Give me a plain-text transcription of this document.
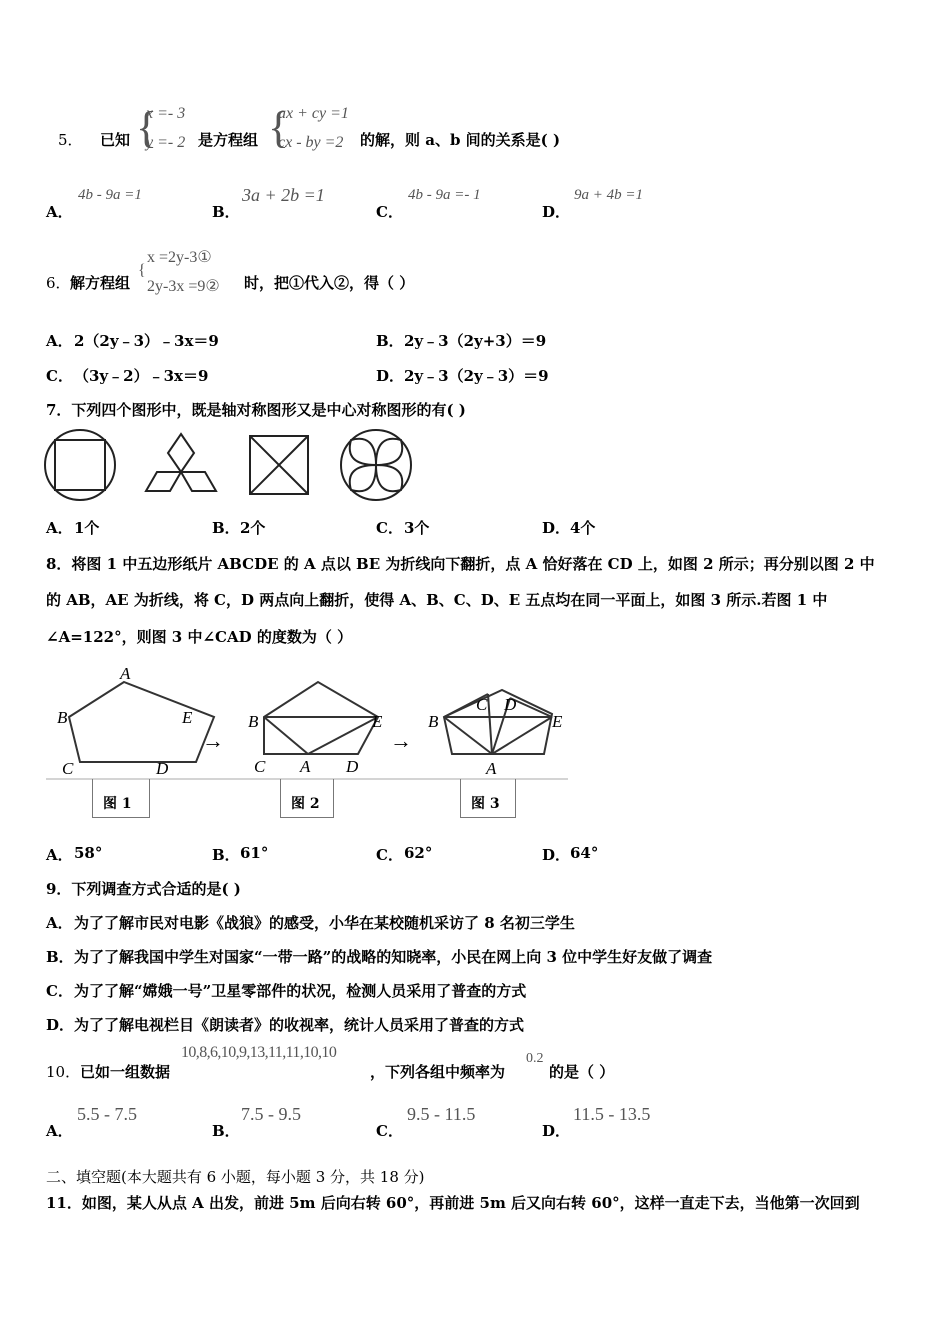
5． 已知 {
x =- 3
y =- 2 是方程组 {
ax + cy =1
cx - by =2 的解，则 a、b 间的关系是( )
A．
4b - 9a =1
B．
3a + 2b =1
C．
4b - 9a =- 1
D．
9a + 4b =1
6． 解方程组
{
x =2y-3①
2y-3x =9② 时，把①代入②，得（ ）
A． 2（2y﹣3）﹣3x＝9	B． 2y﹣3（2y+3）＝9
C． （3y﹣2）﹣3x＝9	D． 2y﹣3（2y﹣3）＝9
7．下列四个图形中，既是轴对称图形又是中心对称图形的有( )
A． 1个	B． 2个	C． 3个	D． 4个
8．将图 1 中五边形纸片 ABCDE 的 A 点以 BE 为折线向下翻折，点 A 恰好落在 CD 上，如图 2 所示；再分别以图 2 中
的 AB，AE 为折线，将 C，D 两点向上翻折，使得 A、B、C、D、E 五点均在同一平面上，如图 3 所示.若图 1 中
∠A=122°，则图 3 中∠CAD 的度数为（ ）
A
B
C	D
E
→
B
C A D
E
→
B
C D
A
E
图 1	图 2	图 3
A． 58°	B． 61°	C． 62°	D． 64°
9．下列调查方式合适的是( )
A． 为了了解市民对电影《战狼》的感受，小华在某校随机采访了 8 名初三学生
B． 为了了解我国中学生对国家“一带一路”的战略的知晓率，小民在网上向 3 位中学生好友做了调查
C． 为了了解“嫦娥一号”卫星零部件的状况，检测人员采用了普查的方式
D． 为了了解电视栏目《朗读者》的收视率，统计人员采用了普查的方式
10． 已如一组数据
10,8,6,10,9,13,11,11,10,10
，下列各组中频率为
0.2
的是（ ）
A．
5.5 - 7.5
B．
7.5 - 9.5
C．
9.5 - 11.5
D．
11.5 - 13.5
二、填空题(本大题共有 6 小题，每小题 3 分，共 18 分)
11．如图，某人从点 A 出发，前进 5m 后向右转 60°，再前进 5m 后又向右转 60°，这样一直走下去，当他第一次回到
